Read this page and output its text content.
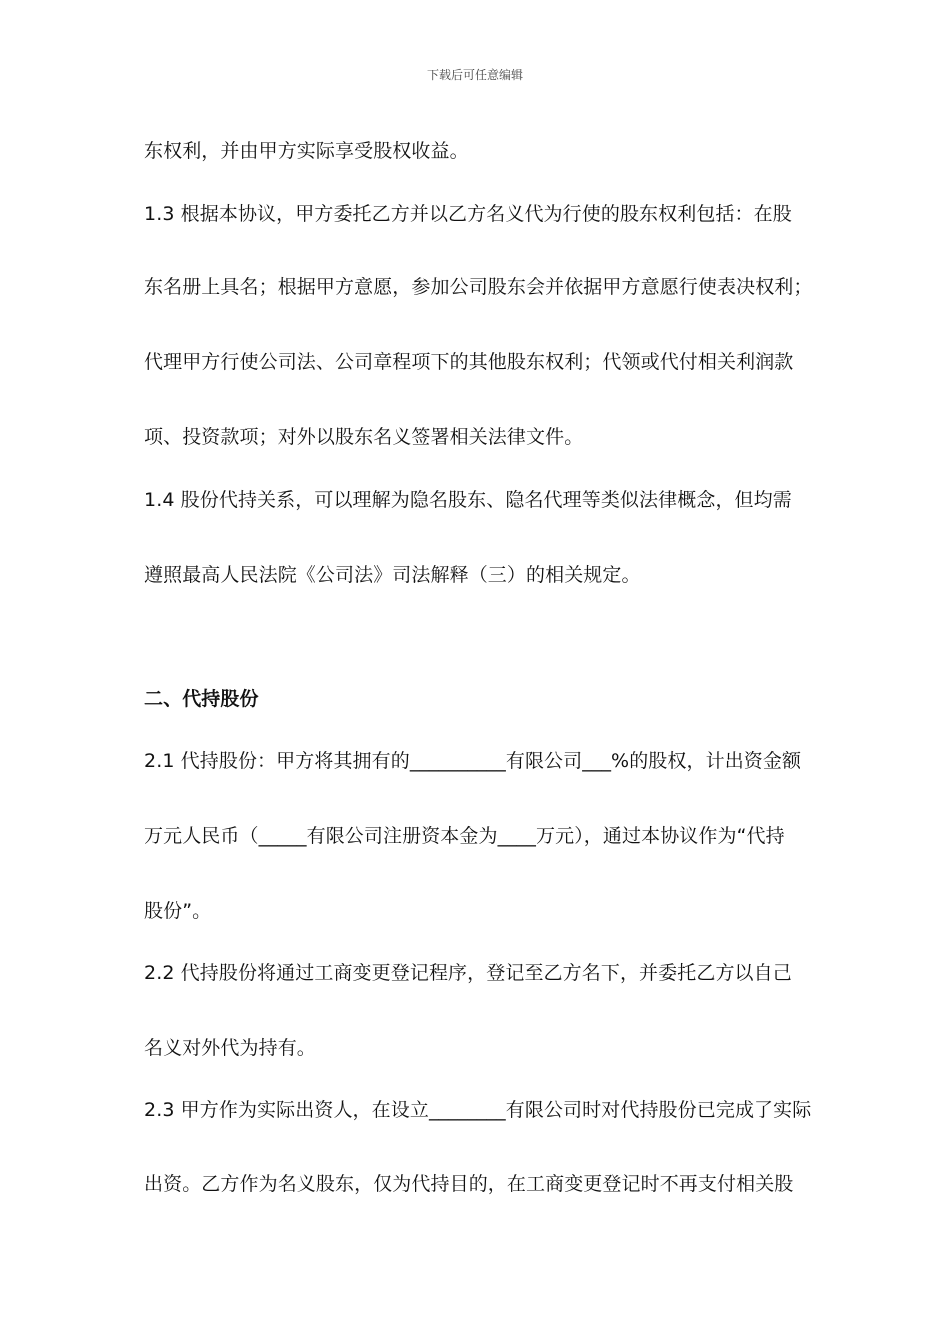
下载后可任意编辑
东权利，并由甲方实际享受股权收益。
1.3 根据本协议，甲方委托乙方并以乙方名义代为行使的股东权利包括：在股
东名册上具名；根据甲方意愿，参加公司股东会并依据甲方意愿行使表决权利；
代理甲方行使公司法、公司章程项下的其他股东权利；代领或代付相关利润款
项、投资款项；对外以股东名义签署相关法律文件。
1.4 股份代持关系，可以理解为隐名股东、隐名代理等类似法律概念，但均需
遵照最高人民法院《公司法》司法解释（三）的相关规定。
二、代持股份
2.1 代持股份：甲方将其拥有的__________有限公司___%的股权，计出资金额
万元人民币（_____有限公司注册资本金为____万元），通过本协议作为“代持
股份”。
2.2 代持股份将通过工商变更登记程序，登记至乙方名下，并委托乙方以自己
名义对外代为持有。
2.3 甲方作为实际出资人，在设立________有限公司时对代持股份已完成了实际
出资。乙方作为名义股东，仅为代持目的，在工商变更登记时不再支付相关股
